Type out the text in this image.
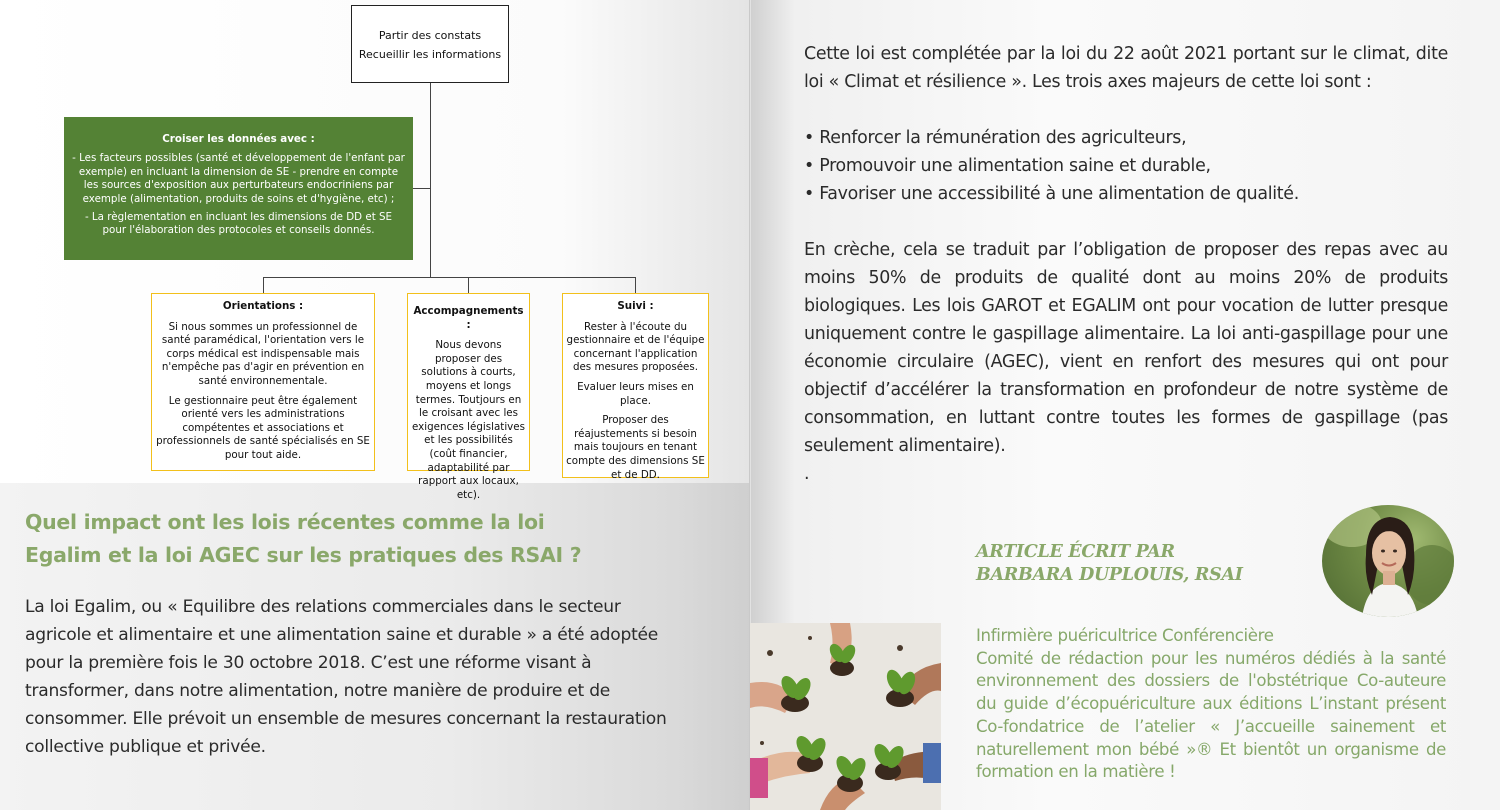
Partir des constats
Recueillir les informations
Croiser les données avec :

- Les facteurs possibles (santé et développement de l'enfant par exemple) en incluant la dimension de SE - prendre en compte les sources d'exposition aux perturbateurs endocriniens par exemple (alimentation, produits de soins et d'hygiène, etc) ;

- La règlementation en incluant les dimensions de DD et SE pour l'élaboration des protocoles et conseils donnés.

Orientations :

Si nous sommes un professionnel de santé paramédical, l'orientation vers le corps médical est indispensable mais n'empêche pas d'agir en prévention en santé environnementale.

Le gestionnaire peut être également orienté vers les administrations compétentes et associations et professionnels de santé spécialisés en SE pour tout aide.

Accompagnements :

Nous devons proposer des solutions à courts, moyens et longs termes. Toutjours en le croisant avec les exigences législatives et les possibilités (coût financier, adaptabilité par rapport aux locaux, etc).

Suivi :

Rester à l'écoute du gestionnaire et de l'équipe concernant l'application des mesures proposées.

Evaluer leurs mises en place.

Proposer des réajustements si besoin mais toujours en tenant compte des dimensions SE et de DD.

Quel impact ont les lois récentes comme la loi
Egalim et la loi AGEC sur les pratiques des RSAI ?

La loi Egalim, ou « Equilibre des relations commerciales dans le secteur agricole et alimentaire et une alimentation saine et durable » a été adoptée pour la première fois le 30 octobre 2018. C’est une réforme visant à transformer, dans notre alimentation, notre manière de produire et de consommer. Elle prévoit un ensemble de mesures concernant la restauration collective publique et privée.

Cette loi est complétée par la loi du 22 août 2021 portant sur le climat, dite loi « Climat et résilience ». Les trois axes majeurs de cette loi sont :

• Renforcer la rémunération des agriculteurs,
• Promouvoir une alimentation saine et durable,
• Favoriser une accessibilité à une alimentation de qualité.

En crèche, cela se traduit par l’obligation de proposer des repas avec au moins 50% de produits de qualité dont au moins 20% de produits biologiques. Les lois GAROT et EGALIM ont pour vocation de lutter presque uniquement contre le gaspillage alimentaire. La loi anti-gaspillage pour une économie circulaire (AGEC), vient en renfort des mesures qui ont pour objectif d’accélérer la transformation en profondeur de notre système de consommation, en luttant contre toutes les formes de gaspillage (pas seulement alimentaire).

.

ARTICLE ÉCRIT PAR
BARBARA DUPLOUIS, RSAI

Infirmière puéricultrice Conférencière

Comité de rédaction pour les numéros dédiés à la santé environnement des dossiers de l'obstétrique Co-auteure du guide d’écopuériculture aux éditions L’instant présent Co-fondatrice de l’atelier « J’accueille sainement et naturellement mon bébé »® Et bientôt un organisme de formation en la matière !
